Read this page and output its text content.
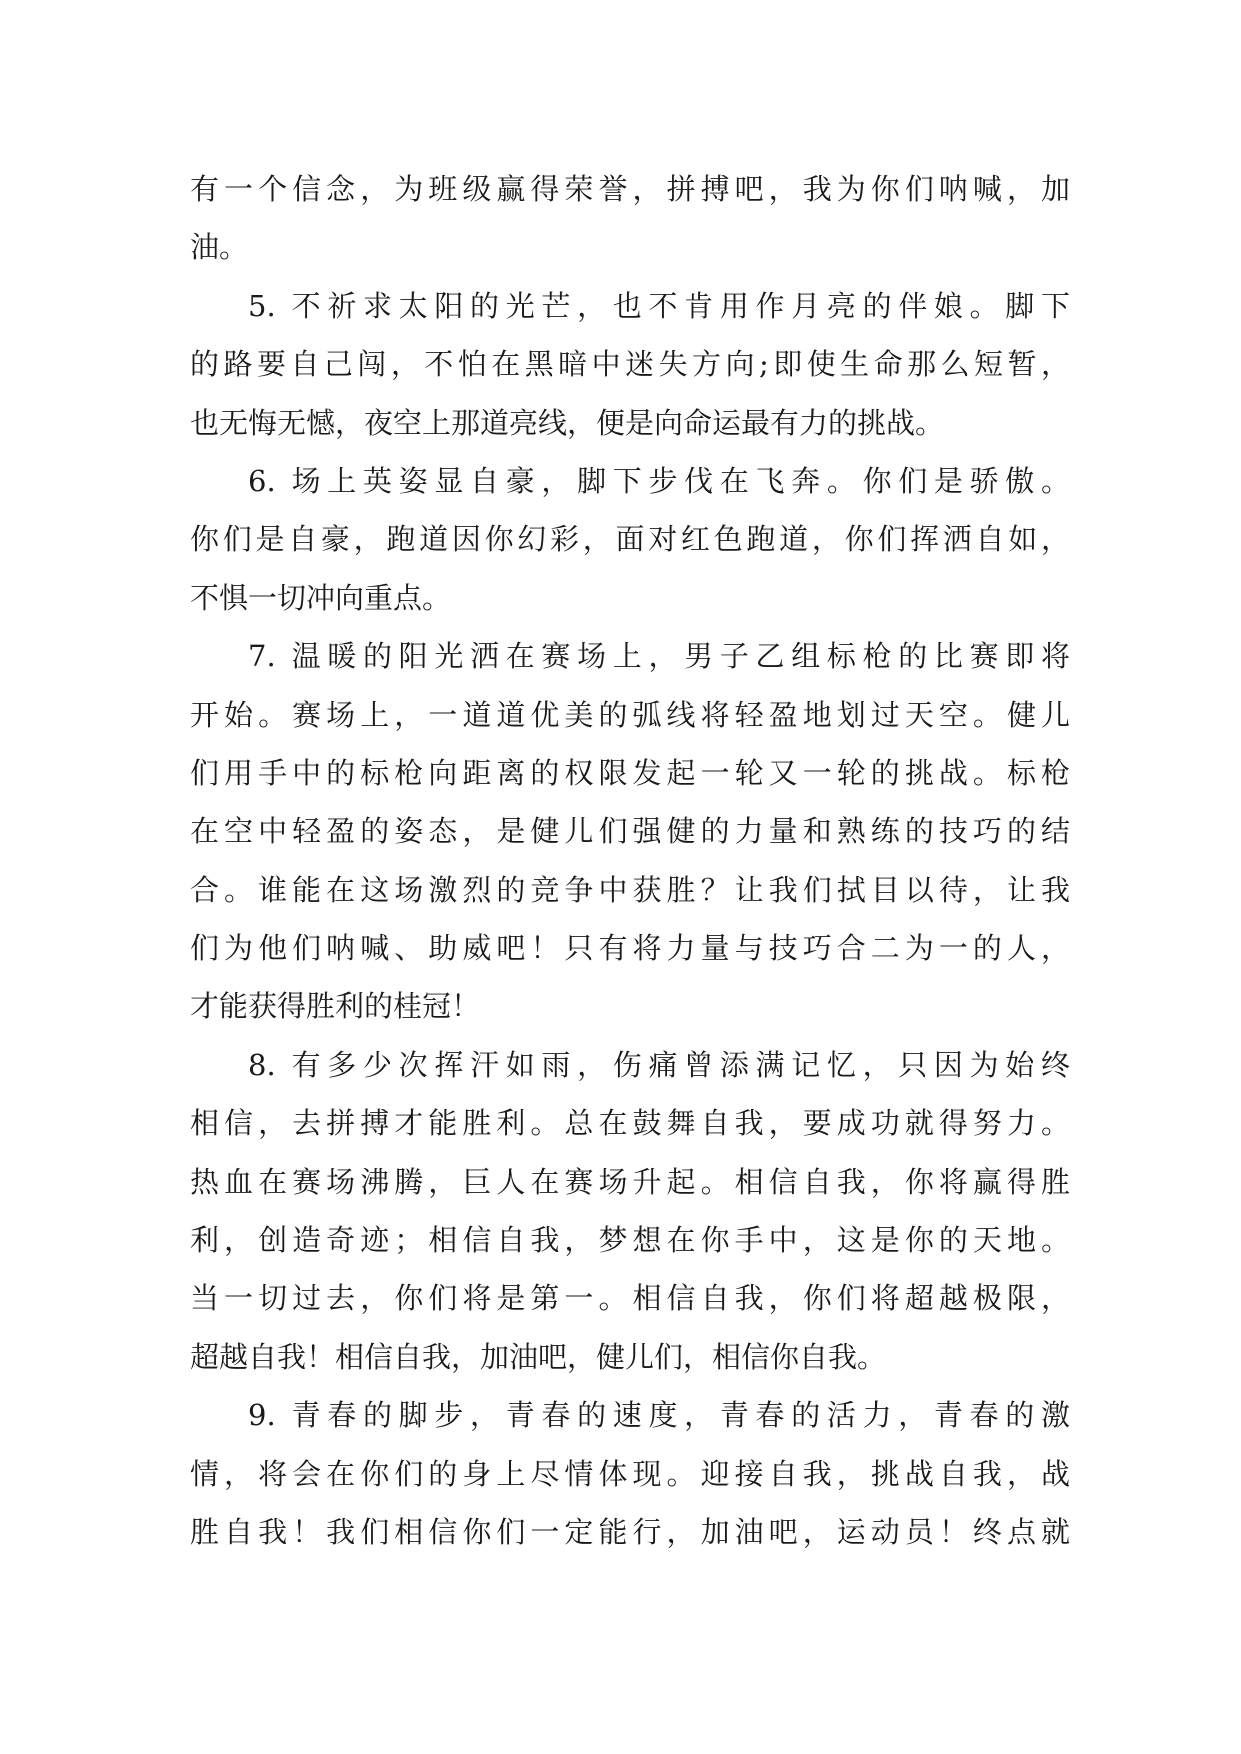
有一个信念，为班级赢得荣誉，拼搏吧，我为你们呐喊，加
油。
5. 不祈求太阳的光芒，也不肯用作月亮的伴娘。脚下
的路要自己闯，不怕在黑暗中迷失方向;即使生命那么短暂，
也无悔无憾，夜空上那道亮线，便是向命运最有力的挑战。
6. 场上英姿显自豪，脚下步伐在飞奔。你们是骄傲。
你们是自豪，跑道因你幻彩，面对红色跑道，你们挥洒自如，
不惧一切冲向重点。
7. 温暖的阳光洒在赛场上，男子乙组标枪的比赛即将
开始。赛场上，一道道优美的弧线将轻盈地划过天空。健儿
们用手中的标枪向距离的权限发起一轮又一轮的挑战。标枪
在空中轻盈的姿态，是健儿们强健的力量和熟练的技巧的结
合。谁能在这场激烈的竞争中获胜？让我们拭目以待，让我
们为他们呐喊、助威吧！只有将力量与技巧合二为一的人，
才能获得胜利的桂冠！
8. 有多少次挥汗如雨，伤痛曾添满记忆，只因为始终
相信，去拼搏才能胜利。总在鼓舞自我，要成功就得努力。
热血在赛场沸腾，巨人在赛场升起。相信自我，你将赢得胜
利，创造奇迹；相信自我，梦想在你手中，这是你的天地。
当一切过去，你们将是第一。相信自我，你们将超越极限，
超越自我！相信自我，加油吧，健儿们，相信你自我。
9. 青春的脚步，青春的速度，青春的活力，青春的激
情，将会在你们的身上尽情体现。迎接自我，挑战自我，战
胜自我！我们相信你们一定能行，加油吧，运动员！终点就
